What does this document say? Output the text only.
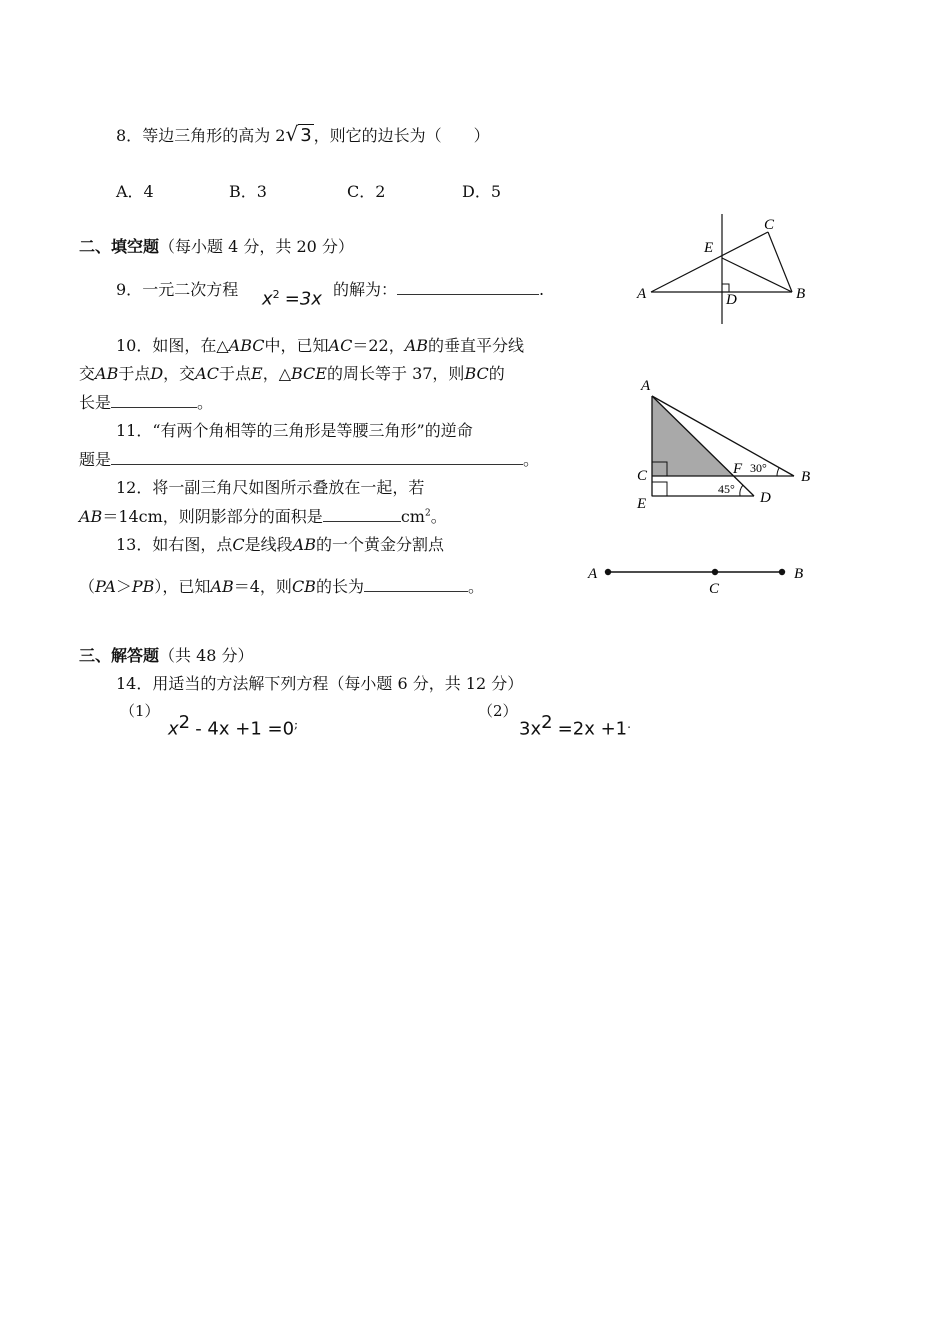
8．等边三角形的高为 2√ 3 ，则它的边长为（　　）
A．4	B．3	C．2	D．5
二、填空题（每小题 4 分，共 20 分）
9．一元二次方程 $x^2 =3x$ 的解为：	.
10．如图，在△ABC中，已知AC＝22，AB的垂直平分线
交AB于点D，交AC于点E，△BCE的周长等于 37，则BC的
长是	。
11．“有两个角相等的三角形是等腰三角形”的逆命
题是	。
12．将一副三角尺如图所示叠放在一起，若
AB＝14cm，则阴影部分的面积是	$cm^2$。
13．如右图，点C是线段AB的一个黄金分割点
（PA＞PB），已知AB＝4，则CB的长为	。
三、解答题（共 48 分）
14．用适当的方法解下列方程（每小题 6 分，共 12 分）
（1）
$x^2 - 4x +1 =0^;$
（2）
$3x^2 =2x +1^.$
A	B
C
D
E
A
B
C
D
E
F 30°
45°
A	B
C
